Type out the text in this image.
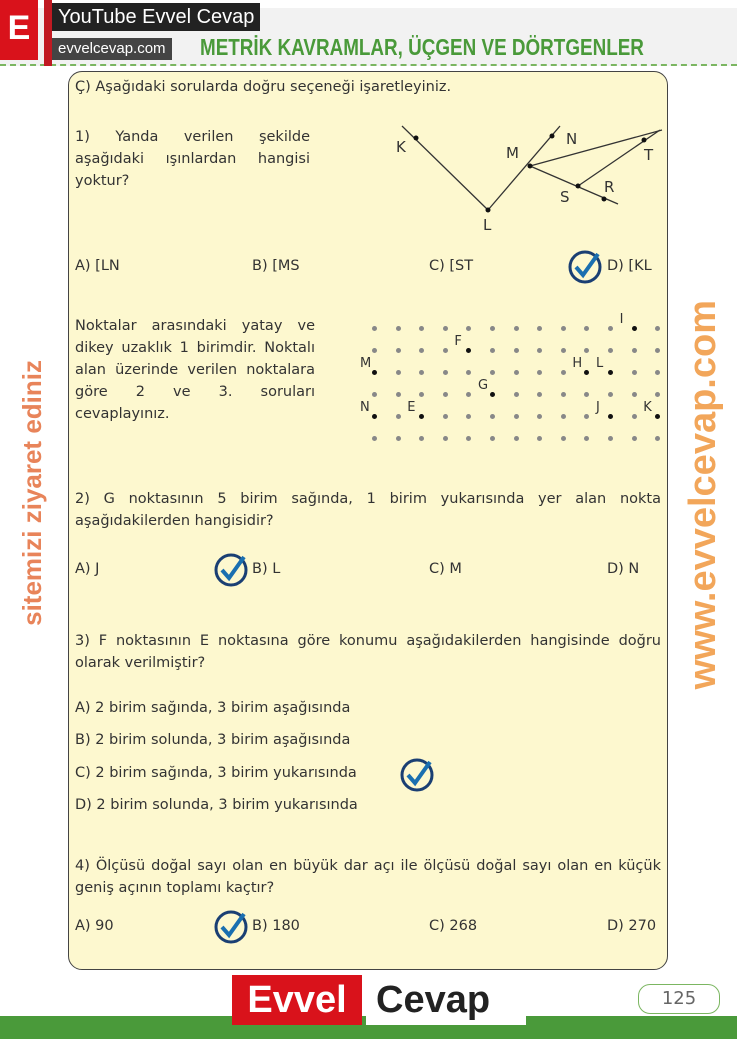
METRİK KAVRAMLAR, ÜÇGEN VE DÖRTGENLER
E	YouTube Evvel Cevap
evvelcevap.com
Ç) Aşağıdaki sorularda doğru seçeneği işaretleyiniz.
1) Yanda verilen şekilde aşağıdaki ışınlardan hangisi yoktur?
K
L
M
N
S
R
T
A) [LN	B) [MS	C) [ST	D) [KL
Noktalar arasındaki yatay ve dikey uzaklık 1 birimdir. Noktalı alan üzerinde verilen noktalara göre 2 ve 3. soruları cevaplayınız.
I
F
M	H L
G
N	E	J	K
2) G noktasının 5 birim sağında, 1 birim yukarısında yer alan nokta aşağıdakilerden hangisidir?
A) J	B) L	C) M	D) N
3) F noktasının E noktasına göre konumu aşağıdakilerden hangisinde doğru olarak verilmiştir?
A) 2 birim sağında, 3 birim aşağısında
B) 2 birim solunda, 3 birim aşağısında
C) 2 birim sağında, 3 birim yukarısında
D) 2 birim solunda, 3 birim yukarısında
4) Ölçüsü doğal sayı olan en büyük dar açı ile ölçüsü doğal sayı olan en küçük geniş açının toplamı kaçtır?
A) 90	B) 180	C) 268	D) 270
www.evvelcevap.com
sitemizi ziyaret ediniz
Evvel Cevap	125
